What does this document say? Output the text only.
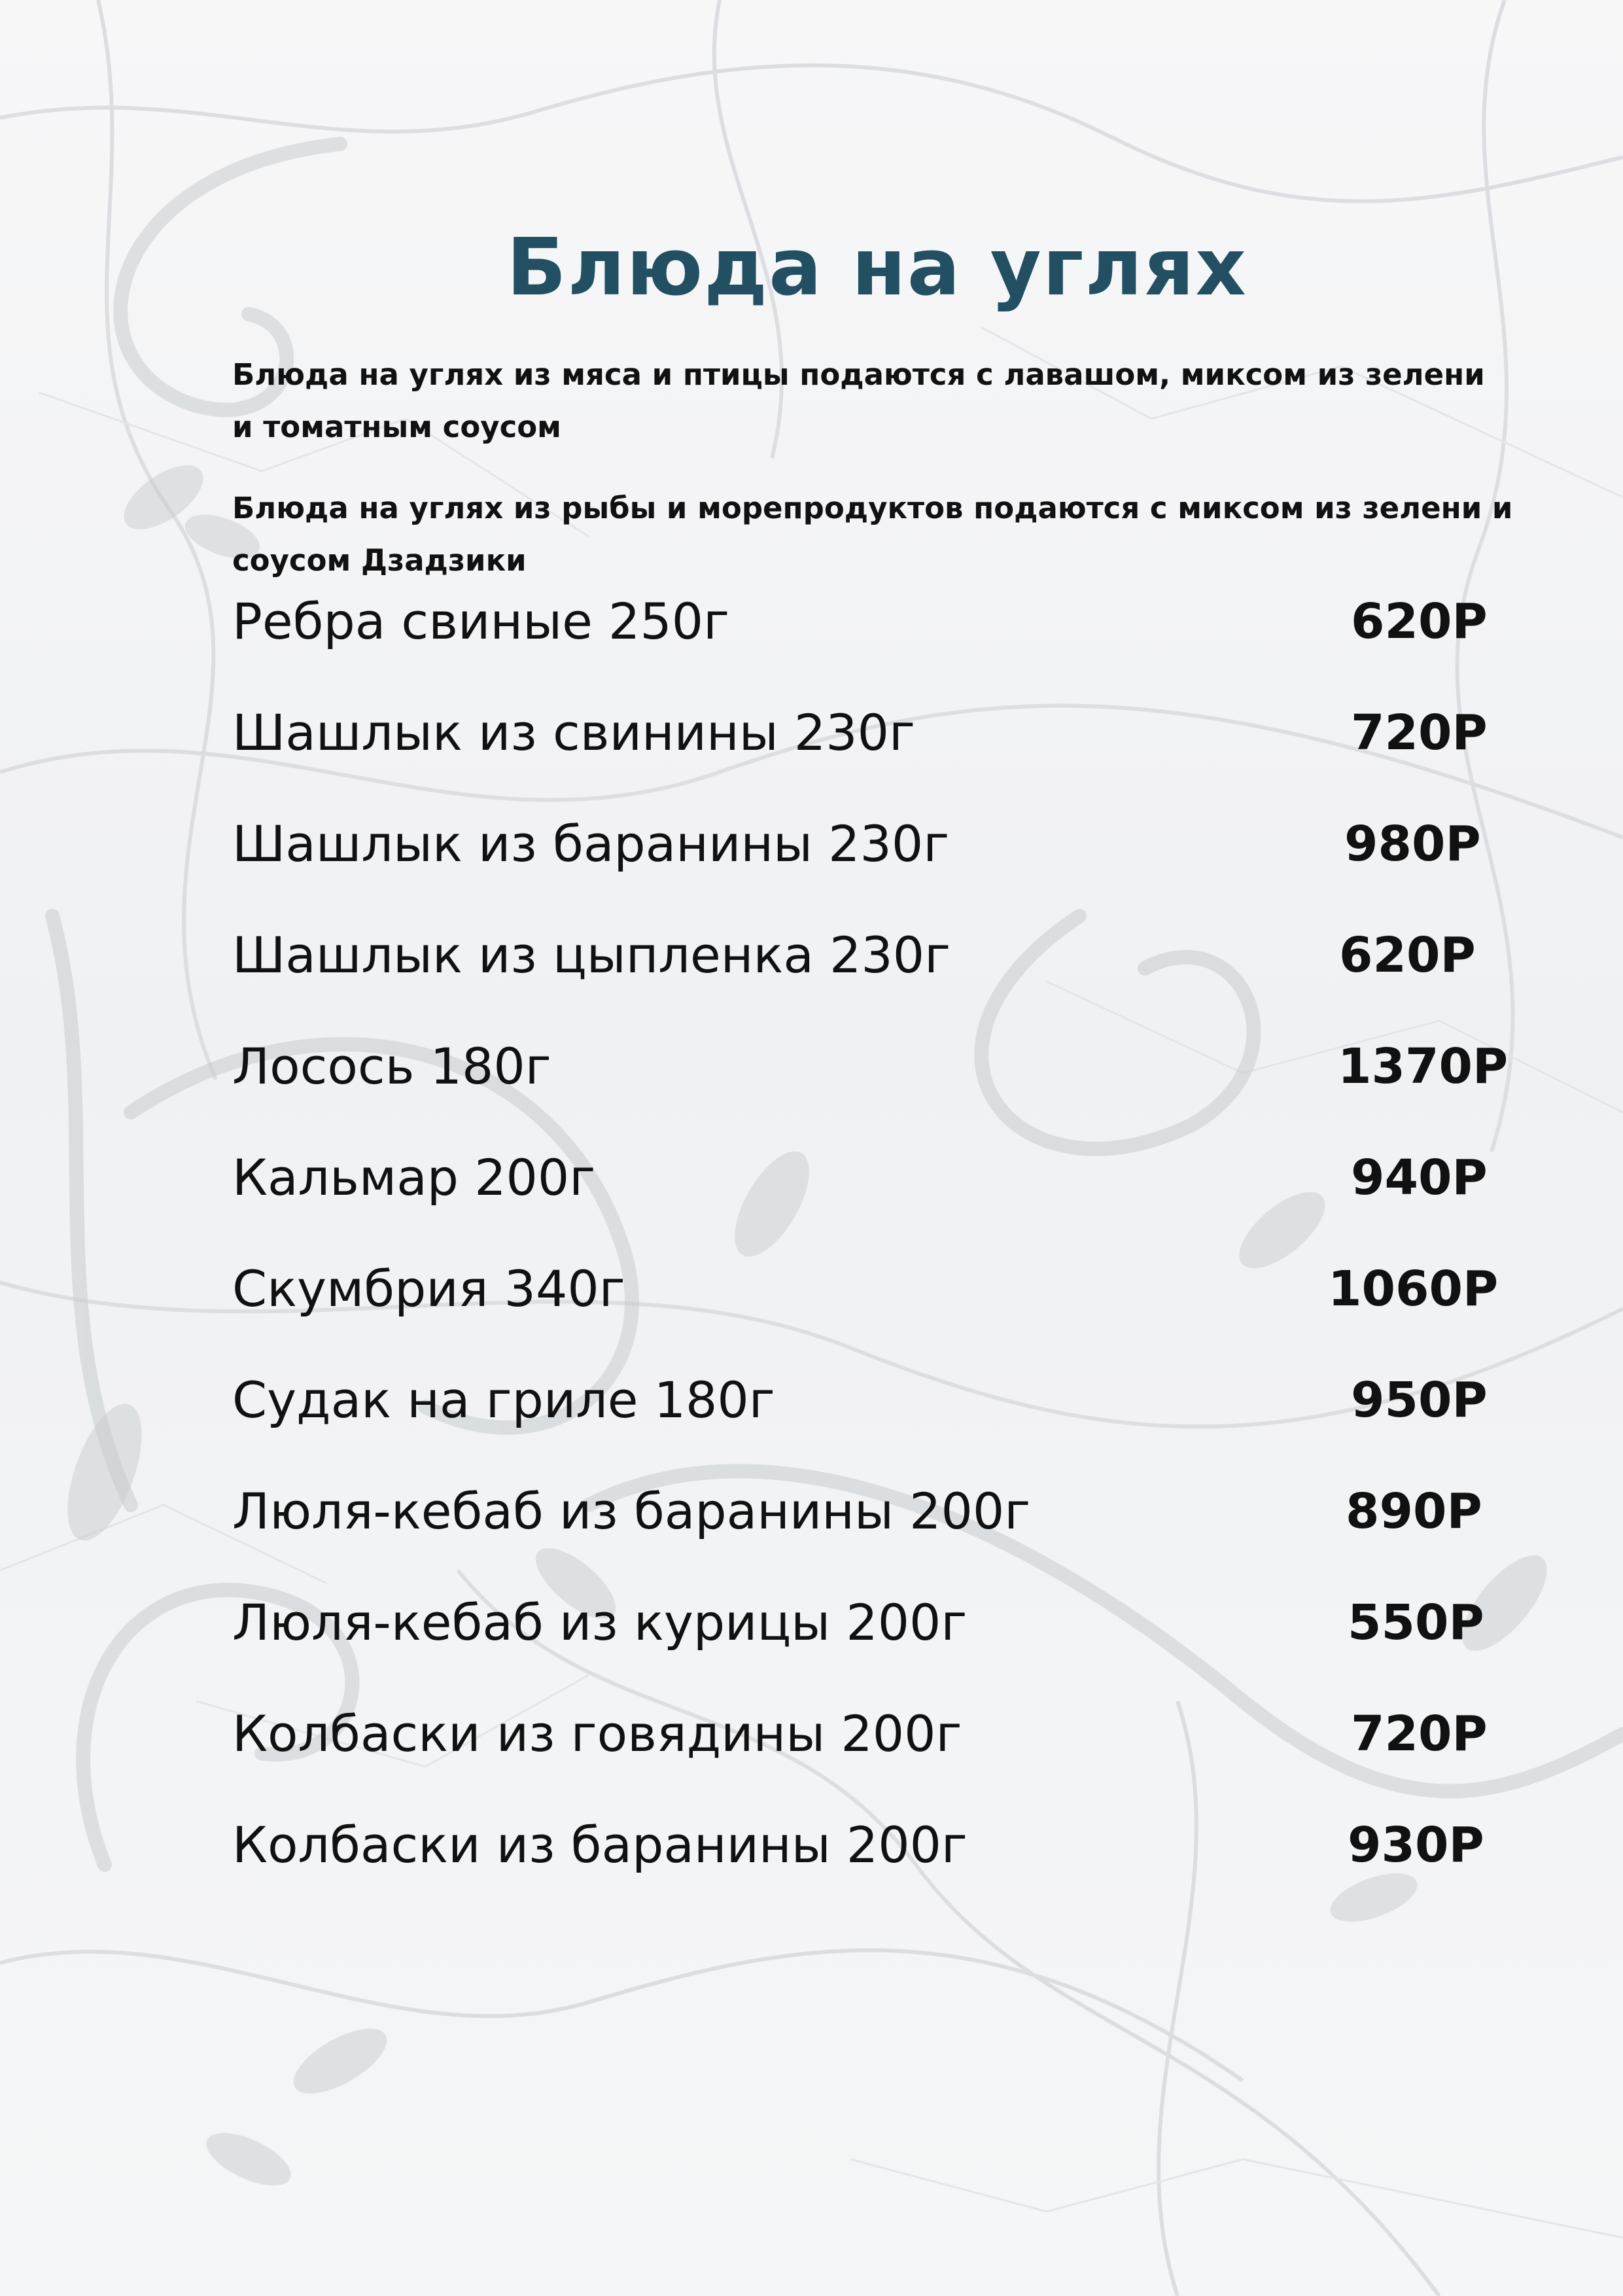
Блюда на углях

Блюда на углях из мяса и птицы подаются с лавашом, миксом из зелени и томатным соусом

Блюда на углях из рыбы и морепродуктов подаются с миксом из зелени и соусом Дзадзики

Ребра свиные 250г	620Р
Шашлык из свинины 230г	720Р
Шашлык из баранины 230г	980Р
Шашлык из цыпленка 230г	620Р
Лосось 180г	1370Р
Кальмар 200г	940Р
Скумбрия 340г	1060Р
Судак на гриле 180г	950Р
Люля-кебаб из баранины 200г	890Р
Люля-кебаб из курицы 200г	550Р
Колбаски из говядины 200г	720Р
Колбаски из баранины 200г	930Р
